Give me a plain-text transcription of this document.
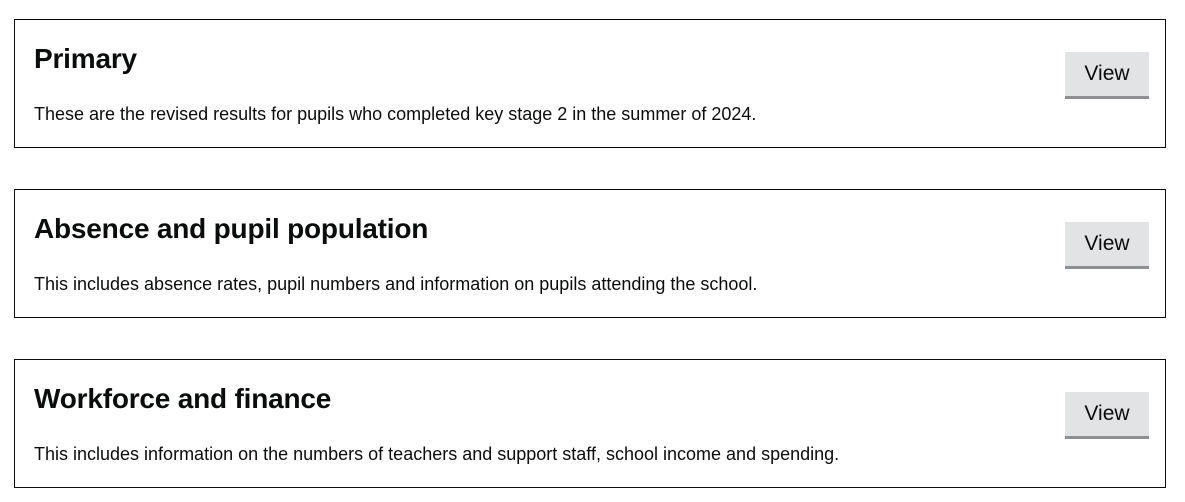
Primary

These are the revised results for pupils who completed key stage 2 in the summer of 2024.

View
Absence and pupil population

This includes absence rates, pupil numbers and information on pupils attending the school.

View
Workforce and finance

This includes information on the numbers of teachers and support staff, school income and spending.

View
